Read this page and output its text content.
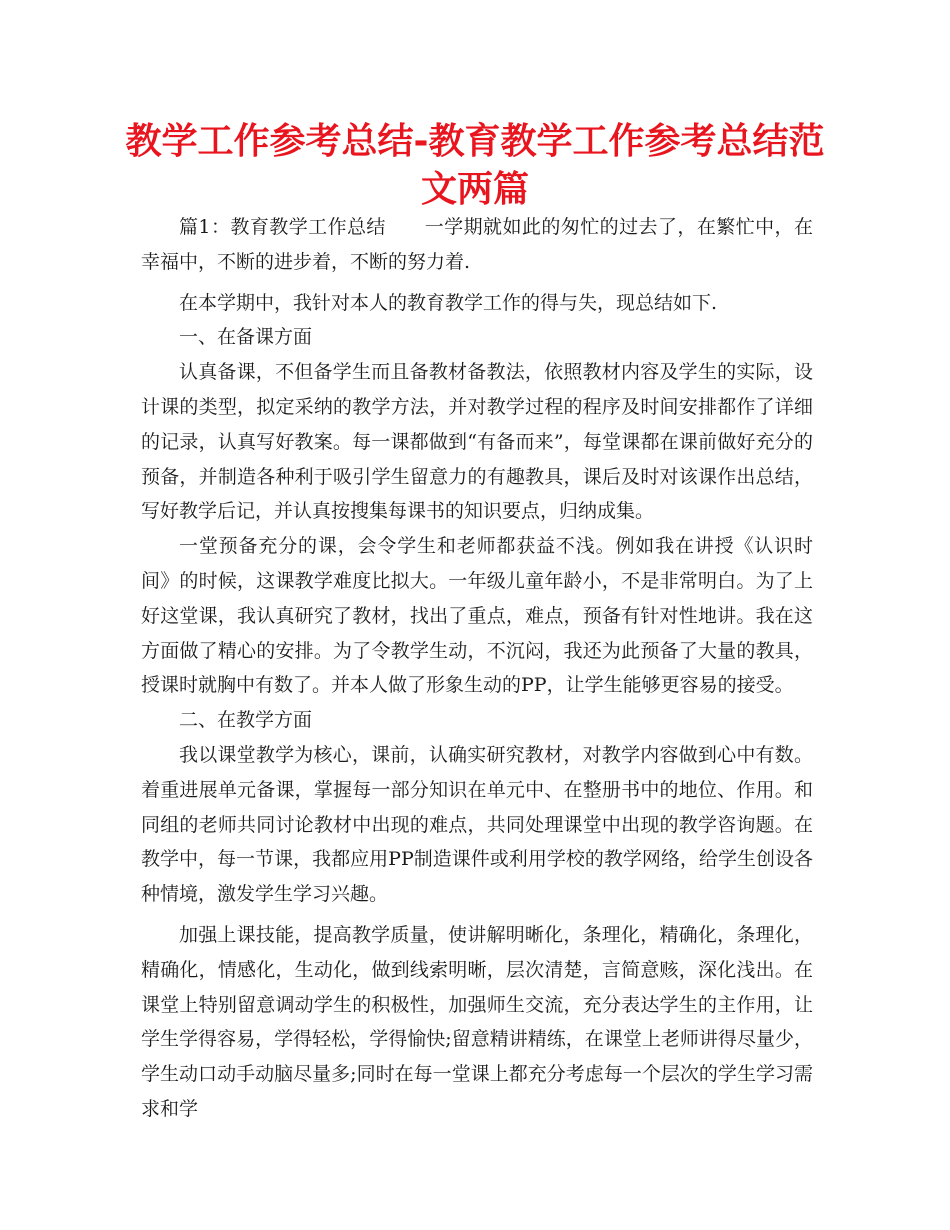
教学工作参考总结-教育教学工作参考总结范文两篇

篇1：教育教学工作总结　　一学期就如此的匆忙的过去了，在繁忙中，在幸福中，不断的进步着，不断的努力着.

在本学期中，我针对本人的教育教学工作的得与失，现总结如下.

一、在备课方面

认真备课，不但备学生而且备教材备教法，依照教材内容及学生的实际，设计课的类型，拟定采纳的教学方法，并对教学过程的程序及时间安排都作了详细的记录，认真写好教案。每一课都做到“有备而来”，每堂课都在课前做好充分的预备，并制造各种利于吸引学生留意力的有趣教具，课后及时对该课作出总结，写好教学后记，并认真按搜集每课书的知识要点，归纳成集。

一堂预备充分的课，会令学生和老师都获益不浅。例如我在讲授《认识时间》的时候，这课教学难度比拟大。一年级儿童年龄小，不是非常明白。为了上好这堂课，我认真研究了教材，找出了重点，难点，预备有针对性地讲。我在这方面做了精心的安排。为了令教学生动，不沉闷，我还为此预备了大量的教具，授课时就胸中有数了。并本人做了形象生动的PP，让学生能够更容易的接受。

二、在教学方面

我以课堂教学为核心，课前，认确实研究教材，对教学内容做到心中有数。着重进展单元备课，掌握每一部分知识在单元中、在整册书中的地位、作用。和同组的老师共同讨论教材中出现的难点，共同处理课堂中出现的教学咨询题。在教学中，每一节课，我都应用PP制造课件或利用学校的教学网络，给学生创设各种情境，激发学生学习兴趣。

加强上课技能，提高教学质量，使讲解明晰化，条理化，精确化，条理化，精确化，情感化，生动化，做到线索明晰，层次清楚，言简意赅，深化浅出。在课堂上特别留意调动学生的积极性，加强师生交流，充分表达学生的主作用，让学生学得容易，学得轻松，学得愉快;留意精讲精练，在课堂上老师讲得尽量少，学生动口动手动脑尽量多;同时在每一堂课上都充分考虑每一个层次的学生学习需求和学
